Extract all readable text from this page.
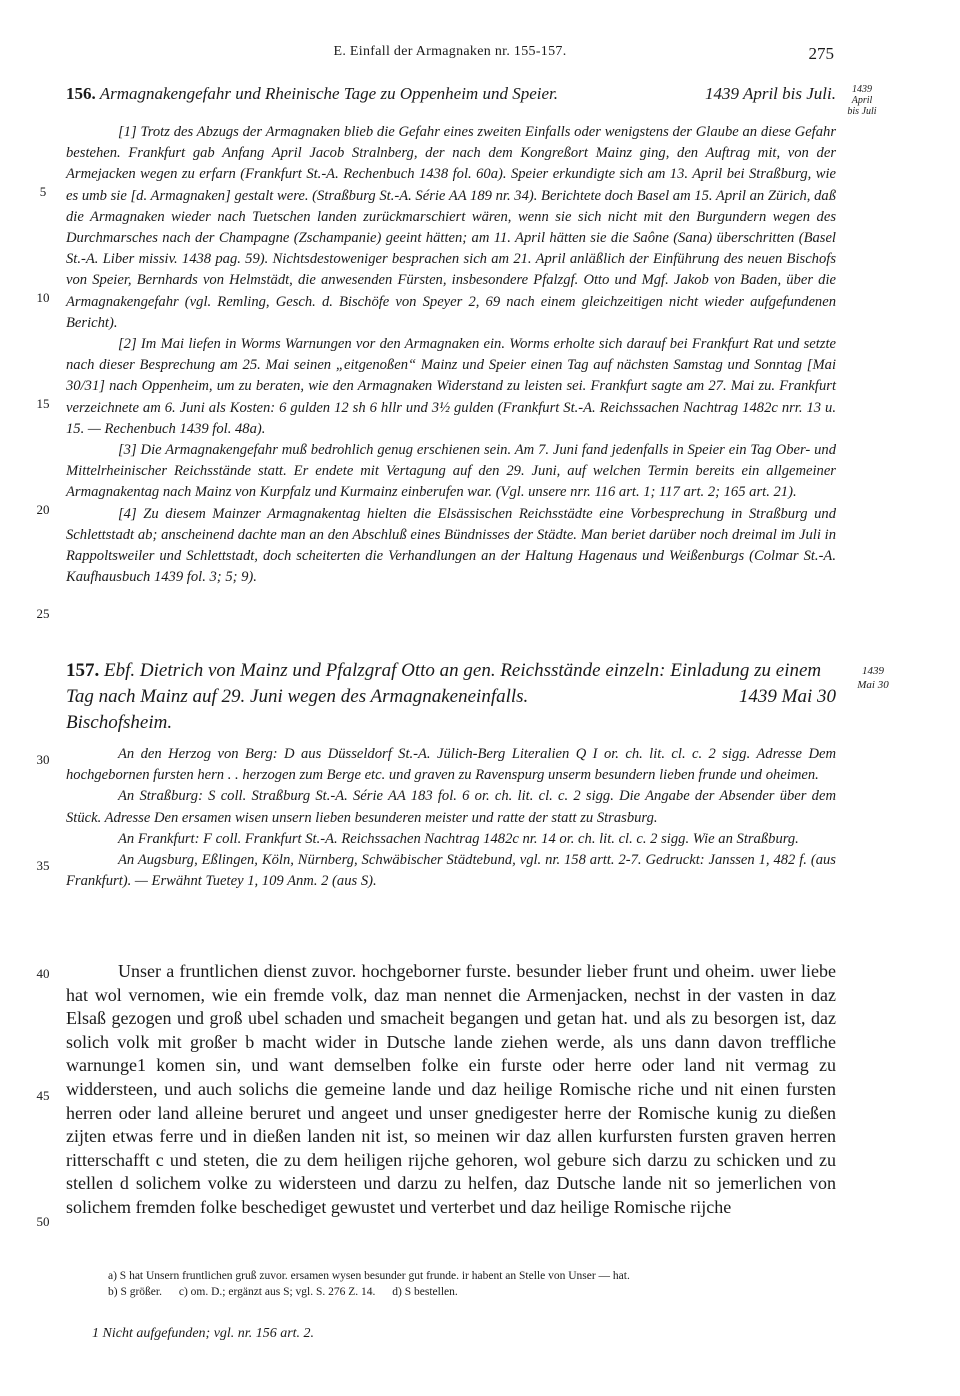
E. Einfall der Armagnaken nr. 155-157.	275
156. Armagnakengefahr und Rheinische Tage zu Oppenheim und Speier.	1439 April bis Juli.	1439
April
bis Juli

[1] Trotz des Abzugs der Armagnaken blieb die Gefahr eines zweiten Einfalls oder wenigstens der Glaube an diese Gefahr bestehen. Frankfurt gab Anfang April Jacob Stralnberg, der nach dem Kongreßort Mainz ging, den Auftrag mit, von der Armejacken wegen zu erfarn (Frankfurt St.-A. Rechenbuch 1438 fol. 60a). Speier erkundigte sich am 13. April bei Straßburg, wie es umb sie [d. Armagnaken] gestalt were. (Straßburg St.-A. Série AA 189 nr. 34). Berichtete doch Basel am 15. April an Zürich, daß die Armagnaken wieder nach Tuetschen landen zurückmarschiert wären, wenn sie sich nicht mit den Burgundern wegen des Durchmarsches nach der Champagne (Zschampanie) geeint hätten; am 11. April hätten sie die Saône (Sana) überschritten (Basel St.-A. Liber missiv. 1438 pag. 59). Nichtsdestoweniger besprachen sich am 21. April anläßlich der Einführung des neuen Bischofs von Speier, Bernhards von Helmstädt, die anwesenden Fürsten, insbesondere Pfalzgf. Otto und Mgf. Jakob von Baden, über die Armagnakengefahr (vgl. Remling, Gesch. d. Bischöfe von Speyer 2, 69 nach einem gleichzeitigen nicht wieder aufgefundenen Bericht).

[2] Im Mai liefen in Worms Warnungen vor den Armagnaken ein. Worms erholte sich darauf bei Frankfurt Rat und setzte nach dieser Besprechung am 25. Mai seinen „eitgenoßen“ Mainz und Speier einen Tag auf nächsten Samstag und Sonntag [Mai 30/31] nach Oppenheim, um zu beraten, wie den Armagnaken Widerstand zu leisten sei. Frankfurt sagte am 27. Mai zu. Frankfurt verzeichnete am 6. Juni als Kosten: 6 gulden 12 sh 6 hllr und 3½ gulden (Frankfurt St.-A. Reichssachen Nachtrag 1482c nrr. 13 u. 15. — Rechenbuch 1439 fol. 48a).

[3] Die Armagnakengefahr muß bedrohlich genug erschienen sein. Am 7. Juni fand jedenfalls in Speier ein Tag Ober- und Mittelrheinischer Reichsstände statt. Er endete mit Vertagung auf den 29. Juni, auf welchen Termin bereits ein allgemeiner Armagnakentag nach Mainz von Kurpfalz und Kurmainz einberufen war. (Vgl. unsere nrr. 116 art. 1; 117 art. 2; 165 art. 21).

[4] Zu diesem Mainzer Armagnakentag hielten die Elsässischen Reichsstädte eine Vorbesprechung in Straßburg und Schlettstadt ab; anscheinend dachte man an den Abschluß eines Bündnisses der Städte. Man beriet darüber noch dreimal im Juli in Rappoltsweiler und Schlettstadt, doch scheiterten die Verhandlungen an der Haltung Hagenaus und Weißenburgs (Colmar St.-A. Kaufhausbuch 1439 fol. 3; 5; 9).

157. Ebf. Dietrich von Mainz und Pfalzgraf Otto an gen. Reichsstände einzeln: Einladung zu einem Tag nach Mainz auf 29. Juni wegen des Armagnakeneinfalls.	1439 Mai 30
Bischofsheim.
1439
Mai 30

An den Herzog von Berg: D aus Düsseldorf St.-A. Jülich-Berg Literalien Q I or. ch. lit. cl. c. 2 sigg. Adresse Dem hochgebornen fursten hern . . herzogen zum Berge etc. und graven zu Ravenspurg unserm besundern lieben frunde und oheimen.

An Straßburg: S coll. Straßburg St.-A. Série AA 183 fol. 6 or. ch. lit. cl. c. 2 sigg. Die Angabe der Absender über dem Stück. Adresse Den ersamen wisen unsern lieben besunderen meister und ratte der statt zu Strasburg.

An Frankfurt: F coll. Frankfurt St.-A. Reichssachen Nachtrag 1482c nr. 14 or. ch. lit. cl. c. 2 sigg. Wie an Straßburg.

An Augsburg, Eßlingen, Köln, Nürnberg, Schwäbischer Städtebund, vgl. nr. 158 artt. 2-7. Gedruckt: Janssen 1, 482 f. (aus Frankfurt). — Erwähnt Tuetey 1, 109 Anm. 2 (aus S).

Unser a fruntlichen dienst zuvor. hochgeborner furste. besunder lieber frunt und oheim. uwer liebe hat wol vernomen, wie ein fremde volk, daz man nennet die Armenjacken, nechst in der vasten in daz Elsaß gezogen und groß ubel schaden und smacheit begangen und getan hat. und als zu besorgen ist, daz solich volk mit großer b macht wider in Dutsche lande ziehen werde, als uns dann davon treffliche warnunge1 komen sin, und want demselben folke ein furste oder herre oder land nit vermag zu widdersteen, und auch solichs die gemeine lande und daz heilige Romische riche und nit einen fursten herren oder land alleine beruret und angeet und unser gnedigester herre der Romische kunig zu dießen zijten etwas ferre und in dießen landen nit ist, so meinen wir daz allen kurfursten fursten graven herren ritterschafft c und steten, die zu dem heiligen rijche gehoren, wol gebure sich darzu zu schicken und zu stellen d solichem volke zu widersteen und darzu zu helfen, daz Dutsche lande nit so jemerlichen von solichem fremden folke beschediget gewustet und verterbet und daz heilige Romische rijche

5
10
15
20
25
30
35
40
45
50

a) S hat Unsern fruntlichen gruß zuvor. ersamen wysen besunder gut frunde. ir habent an Stelle von Unser — hat.

b) S größer. c) om. D.; ergänzt aus S; vgl. S. 276 Z. 14. d) S bestellen.

1 Nicht aufgefunden; vgl. nr. 156 art. 2.
